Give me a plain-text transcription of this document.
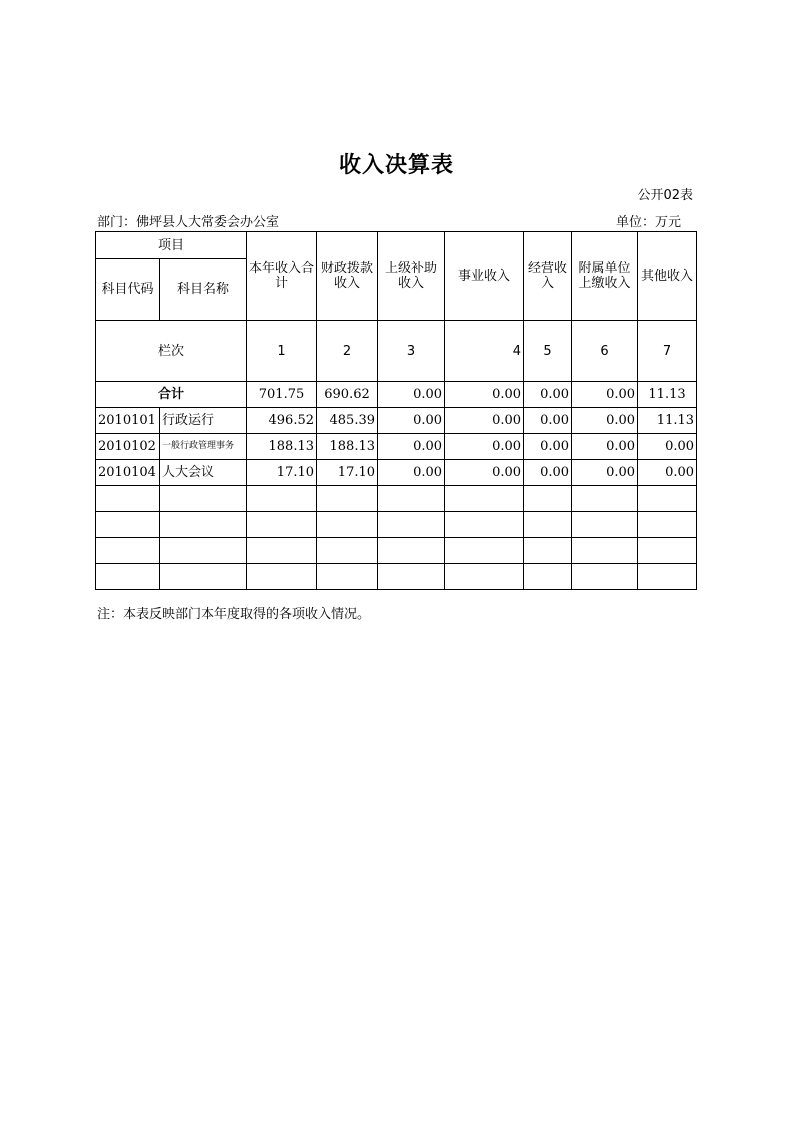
收入决算表
公开02表
部门：佛坪县人大常委会办公室	单位：万元
项目		本年收入合计	财政拨款收入	上级补助收入	事业收入	经营收入	附属单位上缴收入	其他收入
科目代码	科目名称							
栏次		1	2	3	4	5	6	7
合计		701.75	690.62	0.00	0.00	0.00	0.00	11.13
2010101	行政运行	496.52	485.39	0.00	0.00	0.00	0.00	11.13
2010102	一般行政管理事务	188.13	188.13	0.00	0.00	0.00	0.00	0.00
2010104	人大会议	17.10	17.10	0.00	0.00	0.00	0.00	0.00

注：本表反映部门本年度取得的各项收入情况。
